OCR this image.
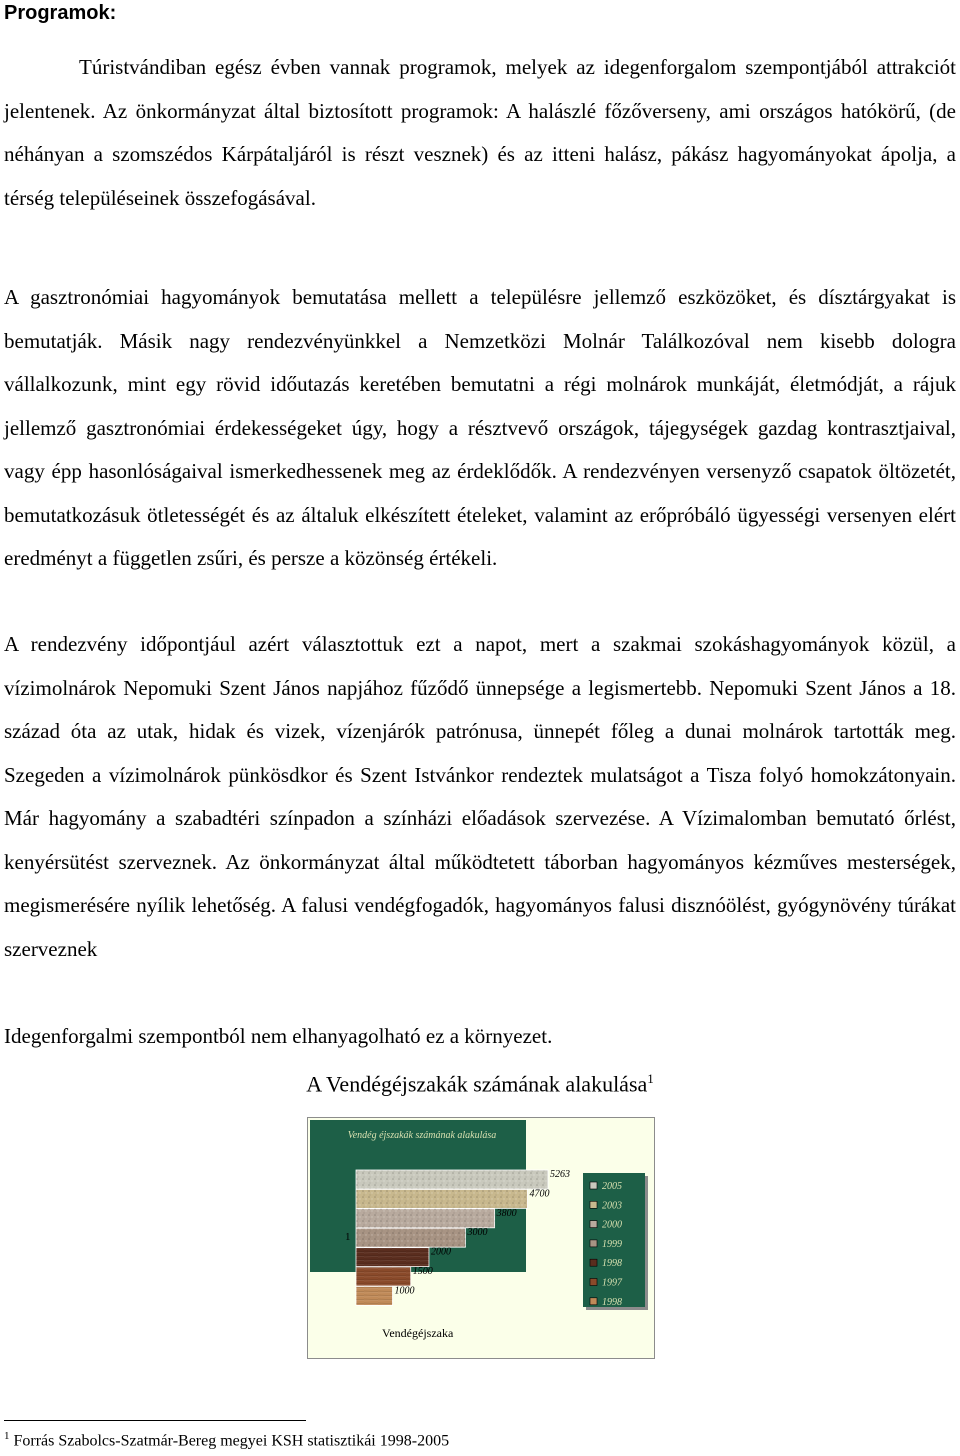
Programok:

Túristvándiban egész évben vannak programok, melyek az idegenforgalom szempontjából attrakciót jelentenek. Az önkormányzat által biztosított programok: A halászlé főzőverseny, ami országos hatókörű, (de néhányan a szomszédos Kárpátaljáról is részt vesznek) és az itteni halász, pákász hagyományokat ápolja, a térség településeinek összefogásával.

A gasztronómiai hagyományok bemutatása mellett a településre jellemző eszközöket, és dísztárgyakat is bemutatják. Másik nagy rendezvényünkkel a Nemzetközi Molnár Találkozóval nem kisebb dologra vállalkozunk, mint egy rövid időutazás keretében bemutatni a régi molnárok munkáját, életmódját, a rájuk jellemző gasztronómiai érdekességeket úgy, hogy a résztvevő országok, tájegységek gazdag kontrasztjaival, vagy épp hasonlóságaival ismerkedhessenek meg az érdeklődők. A rendezvényen versenyző csapatok öltözetét, bemutatkozásuk ötletességét és az általuk elkészített ételeket, valamint az erőpróbáló ügyességi versenyen elért eredményt a független zsűri, és persze a közönség értékeli.

A rendezvény időpontjául azért választottuk ezt a napot, mert a szakmai szokáshagyományok közül, a vízimolnárok Nepomuki Szent János napjához fűződő ünnepsége a legismertebb. Nepomuki Szent János a 18. század óta az utak, hidak és vizek, vízenjárók patrónusa, ünnepét főleg a dunai molnárok tartották meg. Szegeden a vízimolnárok pünkösdkor és Szent Istvánkor rendeztek mulatságot a Tisza folyó homokzátonyain. Már hagyomány a szabadtéri színpadon a színházi előadások szervezése. A Vízimalomban bemutató őrlést, kenyérsütést szerveznek. Az önkormányzat által működtetett táborban hagyományos kézműves mesterségek, megismerésére nyílik lehetőség. A falusi vendégfogadók, hagyományos falusi disznóölést, gyógynövény túrákat szerveznek

Idegenforgalmi szempontból nem elhanyagolható ez a környezet.

A Vendégéjszakák számának alakulása$^1$

Vendég éjszakák számának alakulása
5263
4700
3800
3000
2000
1500
1000
1
Vendégéjszaka
2005
2003
2000
1999
1998
1997
1998

$^1$ Forrás Szabolcs-Szatmár-Bereg megyei KSH statisztikái 1998-2005
